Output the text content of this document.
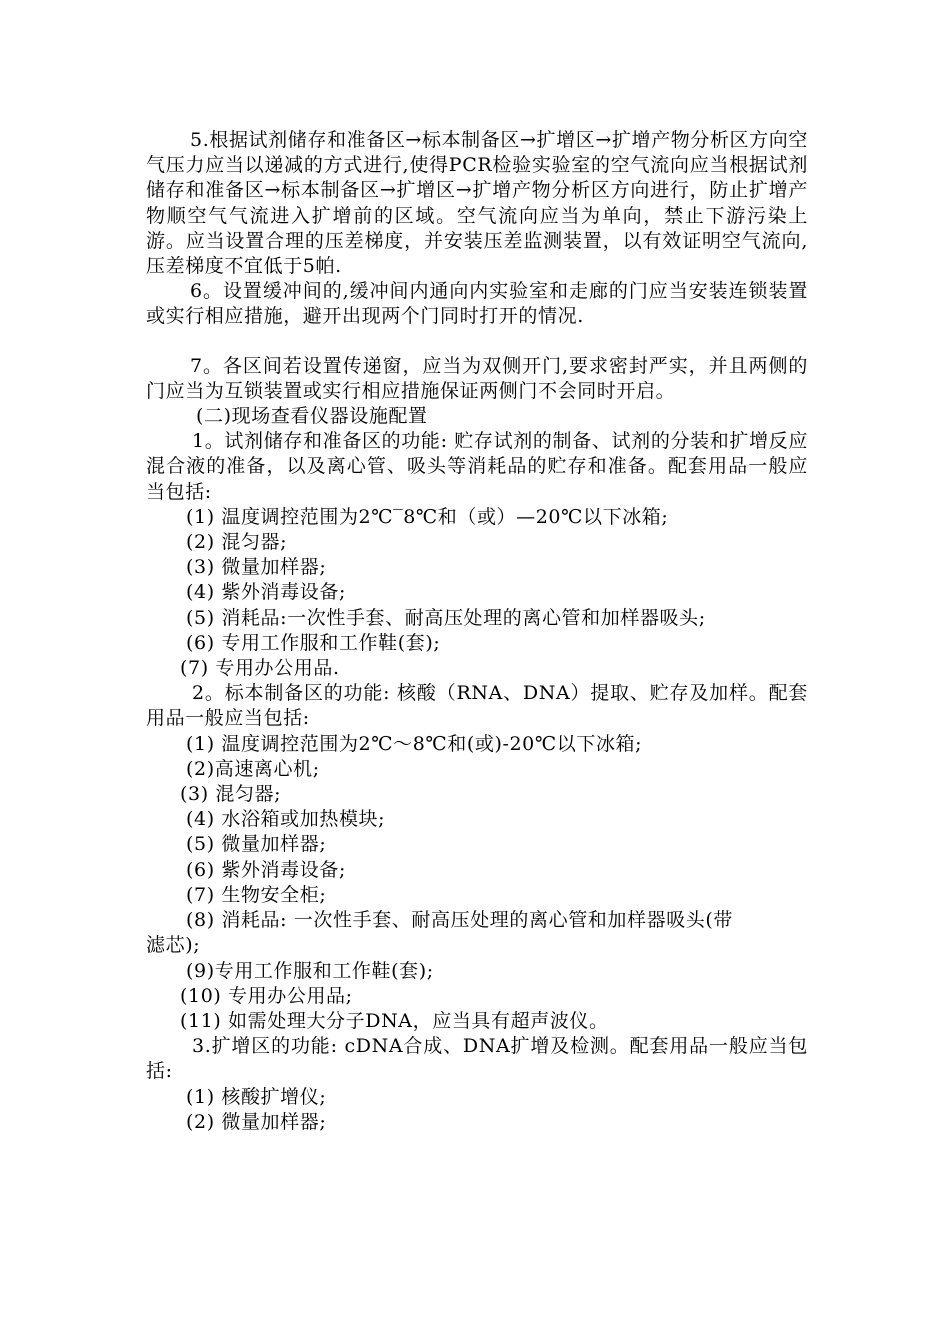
5.根据试剂储存和准备区→标本制备区→扩增区→扩增产物分析区方向空气压力应当以递减的方式进行,使得PCR检验实验室的空气流向应当根据试剂储存和准备区→标本制备区→扩增区→扩增产物分析区方向进行，防止扩增产物顺空气气流进入扩增前的区域。空气流向应当为单向，禁止下游污染上游。应当设置合理的压差梯度，并安装压差监测装置，以有效证明空气流向,压差梯度不宜低于5帕.

6。设置缓冲间的,缓冲间内通向内实验室和走廊的门应当安装连锁装置或实行相应措施，避开出现两个门同时打开的情况.

7。各区间若设置传递窗，应当为双侧开门,要求密封严实，并且两侧的门应当为互锁装置或实行相应措施保证两侧门不会同时开启。

(二)现场查看仪器设施配置

1。试剂储存和准备区的功能: 贮存试剂的制备、试剂的分装和扩增反应混合液的准备，以及离心管、吸头等消耗品的贮存和准备。配套用品一般应当包括:

(1) 温度调控范围为2℃‾8℃和（或）—20℃以下冰箱;

(2) 混匀器;

(3) 微量加样器;

(4) 紫外消毒设备;

(5) 消耗品:一次性手套、耐高压处理的离心管和加样器吸头;

(6) 专用工作服和工作鞋(套);

(7) 专用办公用品.

2。标本制备区的功能: 核酸（RNA、DNA）提取、贮存及加样。配套用品一般应当包括:

(1) 温度调控范围为2℃～8℃和(或)-20℃以下冰箱;

(2)高速离心机;

(3) 混匀器;

(4) 水浴箱或加热模块;

(5) 微量加样器;

(6) 紫外消毒设备;

(7) 生物安全柜;

(8) 消耗品: 一次性手套、耐高压处理的离心管和加样器吸头(带

滤芯);

(9)专用工作服和工作鞋(套);

(10) 专用办公用品;

(11) 如需处理大分子DNA，应当具有超声波仪。

3.扩增区的功能: cDNA合成、DNA扩增及检测。配套用品一般应当包括:

(1) 核酸扩增仪;

(2) 微量加样器;
